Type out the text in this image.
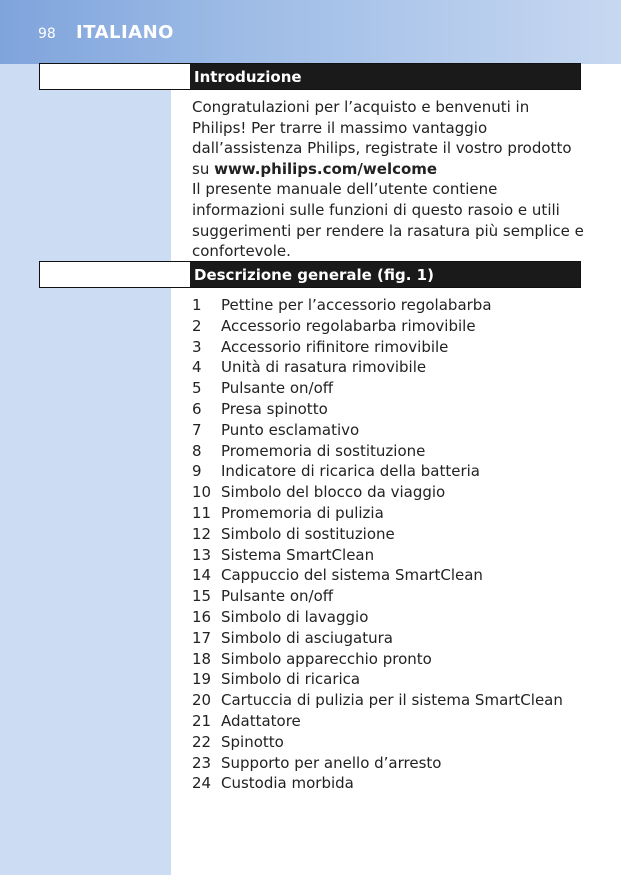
98 ITALIANO
Introduzione

Congratulazioni per l’acquisto e benvenuti in Philips! Per trarre il massimo vantaggio dall’assistenza Philips, registrate il vostro prodotto su www.philips.com/welcome

Il presente manuale dell’utente contiene informazioni sulle funzioni di questo rasoio e utili suggerimenti per rendere la rasatura più semplice e confortevole.

Descrizione generale (fig. 1)
1	Pettine per l’accessorio regolabarba
2	Accessorio regolabarba rimovibile
3	Accessorio rifinitore rimovibile
4	Unità di rasatura rimovibile
5	Pulsante on/off
6	Presa spinotto
7	Punto esclamativo
8	Promemoria di sostituzione
9	Indicatore di ricarica della batteria
10 Simbolo del blocco da viaggio
11 Promemoria di pulizia
12 Simbolo di sostituzione
13 Sistema SmartClean
14 Cappuccio del sistema SmartClean
15 Pulsante on/off
16 Simbolo di lavaggio
17 Simbolo di asciugatura
18 Simbolo apparecchio pronto
19 Simbolo di ricarica
20 Cartuccia di pulizia per il sistema SmartClean
21 Adattatore
22 Spinotto
23 Supporto per anello d’arresto
24 Custodia morbida
